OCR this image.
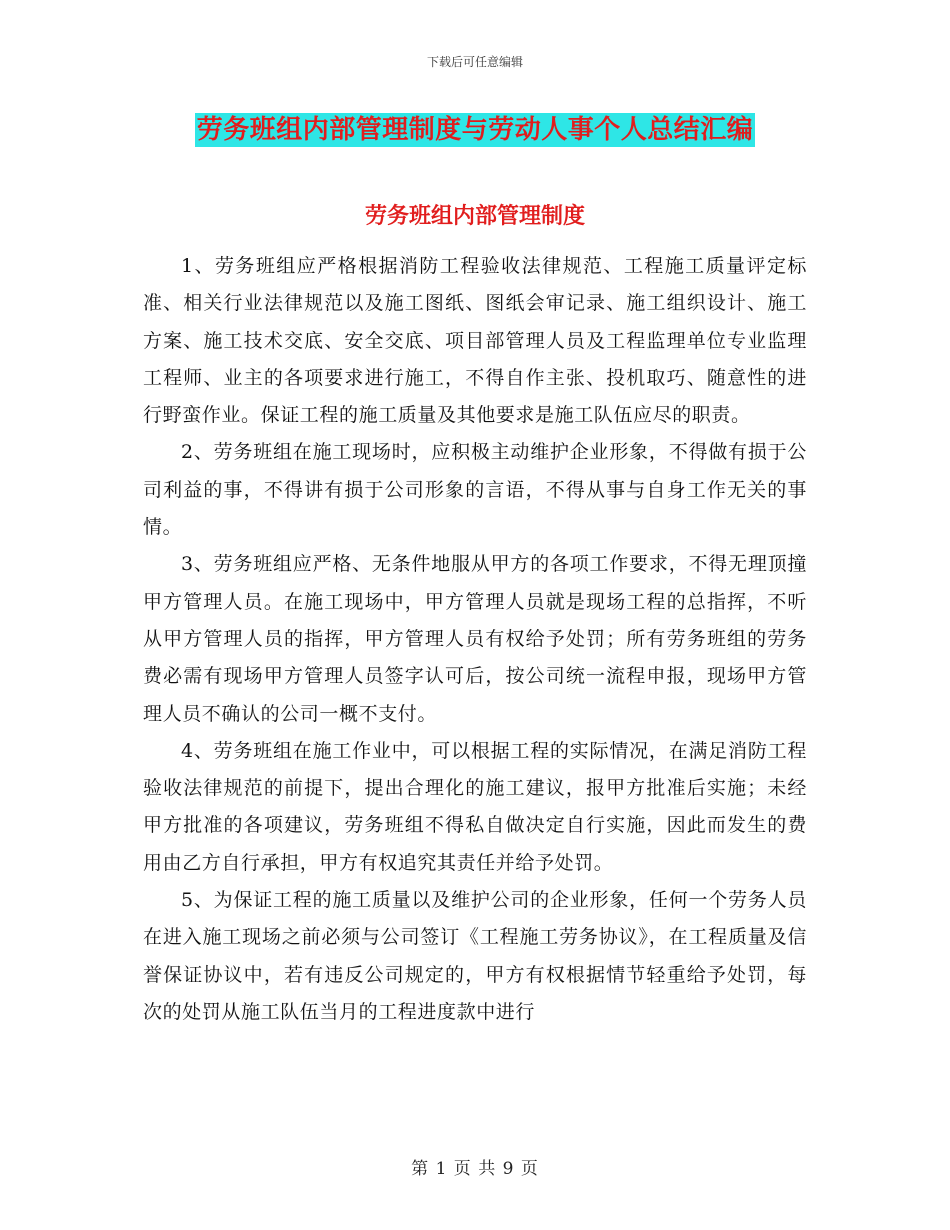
下载后可任意编辑
劳务班组内部管理制度与劳动人事个人总结汇编
劳务班组内部管理制度

1、劳务班组应严格根据消防工程验收法律规范、工程施工质量评定标准、相关行业法律规范以及施工图纸、图纸会审记录、施工组织设计、施工方案、施工技术交底、安全交底、项目部管理人员及工程监理单位专业监理工程师、业主的各项要求进行施工，不得自作主张、投机取巧、随意性的进行野蛮作业。保证工程的施工质量及其他要求是施工队伍应尽的职责。

2、劳务班组在施工现场时，应积极主动维护企业形象，不得做有损于公司利益的事，不得讲有损于公司形象的言语，不得从事与自身工作无关的事情。

3、劳务班组应严格、无条件地服从甲方的各项工作要求，不得无理顶撞甲方管理人员。在施工现场中，甲方管理人员就是现场工程的总指挥，不听从甲方管理人员的指挥，甲方管理人员有权给予处罚；所有劳务班组的劳务费必需有现场甲方管理人员签字认可后，按公司统一流程申报，现场甲方管理人员不确认的公司一概不支付。

4、劳务班组在施工作业中，可以根据工程的实际情况，在满足消防工程验收法律规范的前提下，提出合理化的施工建议，报甲方批准后实施；未经甲方批准的各项建议，劳务班组不得私自做决定自行实施，因此而发生的费用由乙方自行承担，甲方有权追究其责任并给予处罚。

5、为保证工程的施工质量以及维护公司的企业形象，任何一个劳务人员在进入施工现场之前必须与公司签订《工程施工劳务协议》，在工程质量及信誉保证协议中，若有违反公司规定的，甲方有权根据情节轻重给予处罚，每次的处罚从施工队伍当月的工程进度款中进行

第 1 页 共 9 页
